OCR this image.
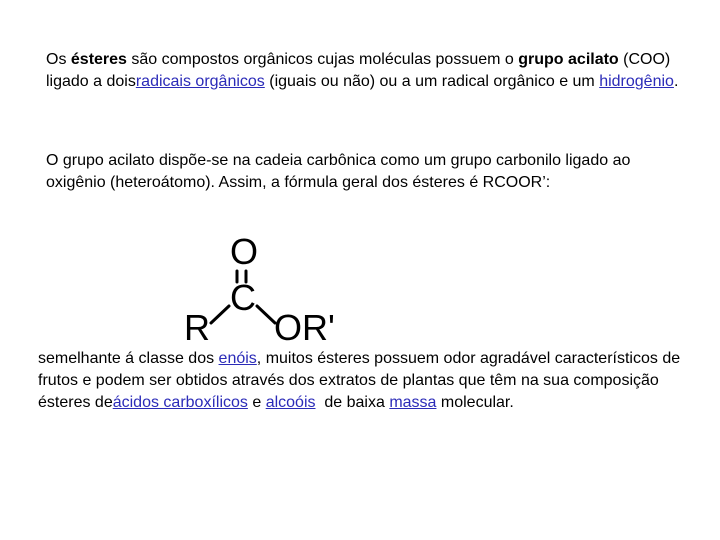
Os ésteres são compostos orgânicos cujas moléculas possuem o grupo acilato (COO) ligado a doisradicais orgânicos (iguais ou não) ou a um radical orgânico e um hidrogênio.

O grupo acilato dispõe-se na cadeia carbônica como um grupo carbonilo ligado ao oxigênio (heteroátomo). Assim, a fórmula geral dos ésteres é RCOOR’:

O
C
R OR'

semelhante á classe dos enóis, muitos ésteres possuem odor agradável característicos de frutos e podem ser obtidos através dos extratos de plantas que têm na sua composição ésteres deácidos carboxílicos e alcoóis  de baixa massa molecular.
